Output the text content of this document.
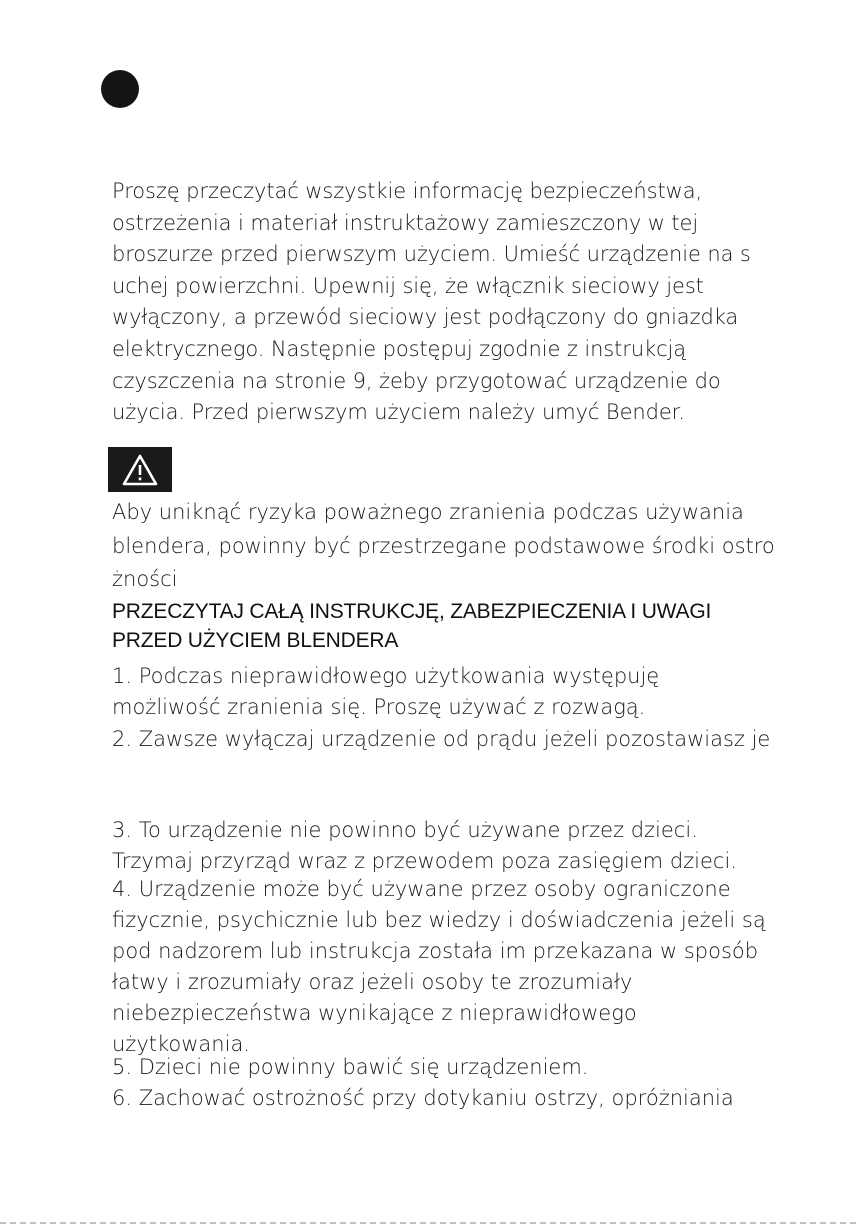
Proszę przeczytać wszystkie informację bezpieczeństwa,
ostrzeżenia i materiał instruktażowy zamieszczony w tej
broszurze przed pierwszym użyciem. Umieść urządzenie na s
uchej powierzchni. Upewnij się, że włącznik sieciowy jest
wyłączony, a przewód sieciowy jest podłączony do gniazdka
elektrycznego. Następnie postępuj zgodnie z instrukcją
czyszczenia na stronie 9, żeby przygotować urządzenie do
użycia. Przed pierwszym użyciem należy umyć Bender.
Aby uniknąć ryzyka poważnego zranienia podczas używania
blendera, powinny być przestrzegane podstawowe środki ostro
żności
PRZECZYTAJ CAŁĄ INSTRUKCJĘ, ZABEZPIECZENIA I UWAGI
PRZED UŻYCIEM BLENDERA
1. Podczas nieprawidłowego użytkowania występuję
możliwość zranienia się. Proszę używać z rozwagą.
2. Zawsze wyłączaj urządzenie od prądu jeżeli pozostawiasz je
3. To urządzenie nie powinno być używane przez dzieci.
Trzymaj przyrząd wraz z przewodem poza zasięgiem dzieci.
4. Urządzenie może być używane przez osoby ograniczone
fizycznie, psychicznie lub bez wiedzy i doświadczenia jeżeli są
pod nadzorem lub instrukcja została im przekazana w sposób
łatwy i zrozumiały oraz jeżeli osoby te zrozumiały
niebezpieczeństwa wynikające z nieprawidłowego
użytkowania.
5. Dzieci nie powinny bawić się urządzeniem.
6. Zachować ostrożność przy dotykaniu ostrzy, opróżniania
